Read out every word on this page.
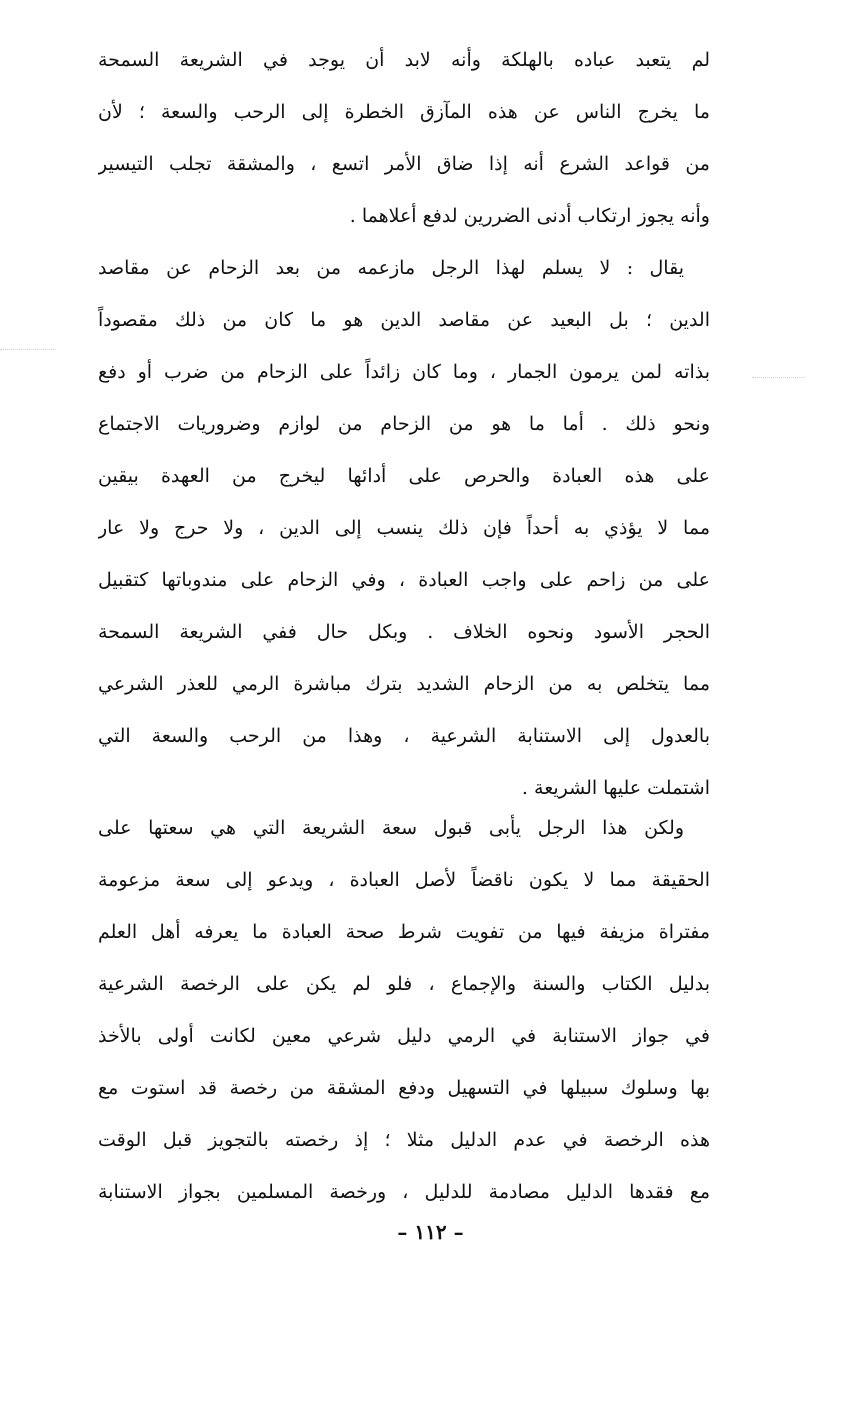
لم يتعبد عباده بالهلكة وأنه لابد أن يوجد في الشريعة السمحة
ما يخرج الناس عن هذه المآزق الخطرة إلى الرحب والسعة ؛ لأن
من قواعد الشرع أنه إذا ضاق الأمر اتسع ، والمشقة تجلب التيسير
وأنه يجوز ارتكاب أدنى الضررين لدفع أعلاهما .
يقال : لا يسلم لهذا الرجل مازعمه من بعد الزحام عن مقاصد
الدين ؛ بل البعيد عن مقاصد الدين هو ما كان من ذلك مقصوداً
بذاته لمن يرمون الجمار ، وما كان زائداً على الزحام من ضرب أو دفع
ونحو ذلك . أما ما هو من الزحام من لوازم وضروريات الاجتماع
على هذه العبادة والحرص على أدائها ليخرج من العهدة بيقين
مما لا يؤذي به أحداً فإن ذلك ينسب إلى الدين ، ولا حرج ولا عار
على من زاحم على واجب العبادة ، وفي الزحام على مندوباتها كتقبيل
الحجر الأسود ونحوه الخلاف . وبكل حال ففي الشريعة السمحة
مما يتخلص به من الزحام الشديد بترك مباشرة الرمي للعذر الشرعي
بالعدول إلى الاستنابة الشرعية ، وهذا من الرحب والسعة التي
اشتملت عليها الشريعة .
ولكن هذا الرجل يأبى قبول سعة الشريعة التي هي سعتها على
الحقيقة مما لا يكون ناقضاً لأصل العبادة ، ويدعو إلى سعة مزعومة
مفتراة مزيفة فيها من تفويت شرط صحة العبادة ما يعرفه أهل العلم
بدليل الكتاب والسنة والإجماع ، فلو لم يكن على الرخصة الشرعية
في جواز الاستنابة في الرمي دليل شرعي معين لكانت أولى بالأخذ
بها وسلوك سبيلها في التسهيل ودفع المشقة من رخصة قد استوت مع
هذه الرخصة في عدم الدليل مثلا ؛ إذ رخصته بالتجويز قبل الوقت
مع فقدها الدليل مصادمة للدليل ، ورخصة المسلمين بجواز الاستنابة
– ١١٢ –
